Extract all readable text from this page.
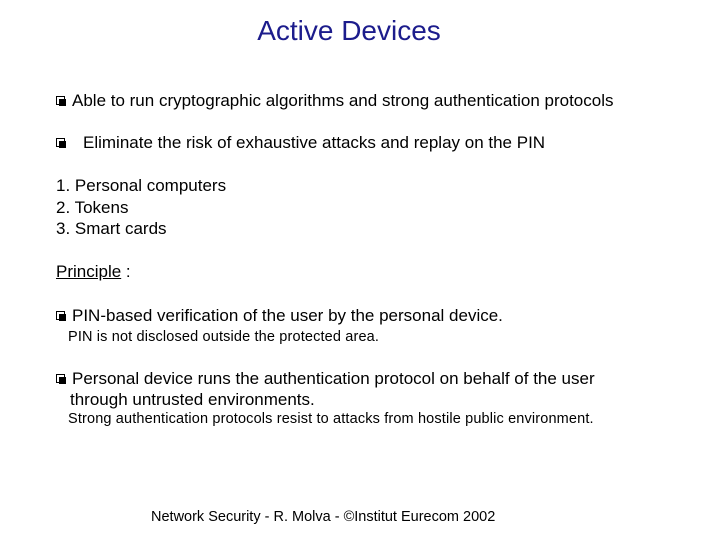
Active Devices
Able to run cryptographic algorithms and strong authentication protocols
Eliminate the risk of exhaustive attacks and replay on the PIN
1. Personal computers
2. Tokens
3. Smart cards
Principle :
PIN-based verification of the user by the personal device.
PIN is not disclosed outside the protected area.
Personal device runs the authentication protocol on behalf of the user
through untrusted environments.
Strong authentication protocols resist to attacks from hostile public environment.
Network Security - R. Molva - ©Institut Eurecom 2002
